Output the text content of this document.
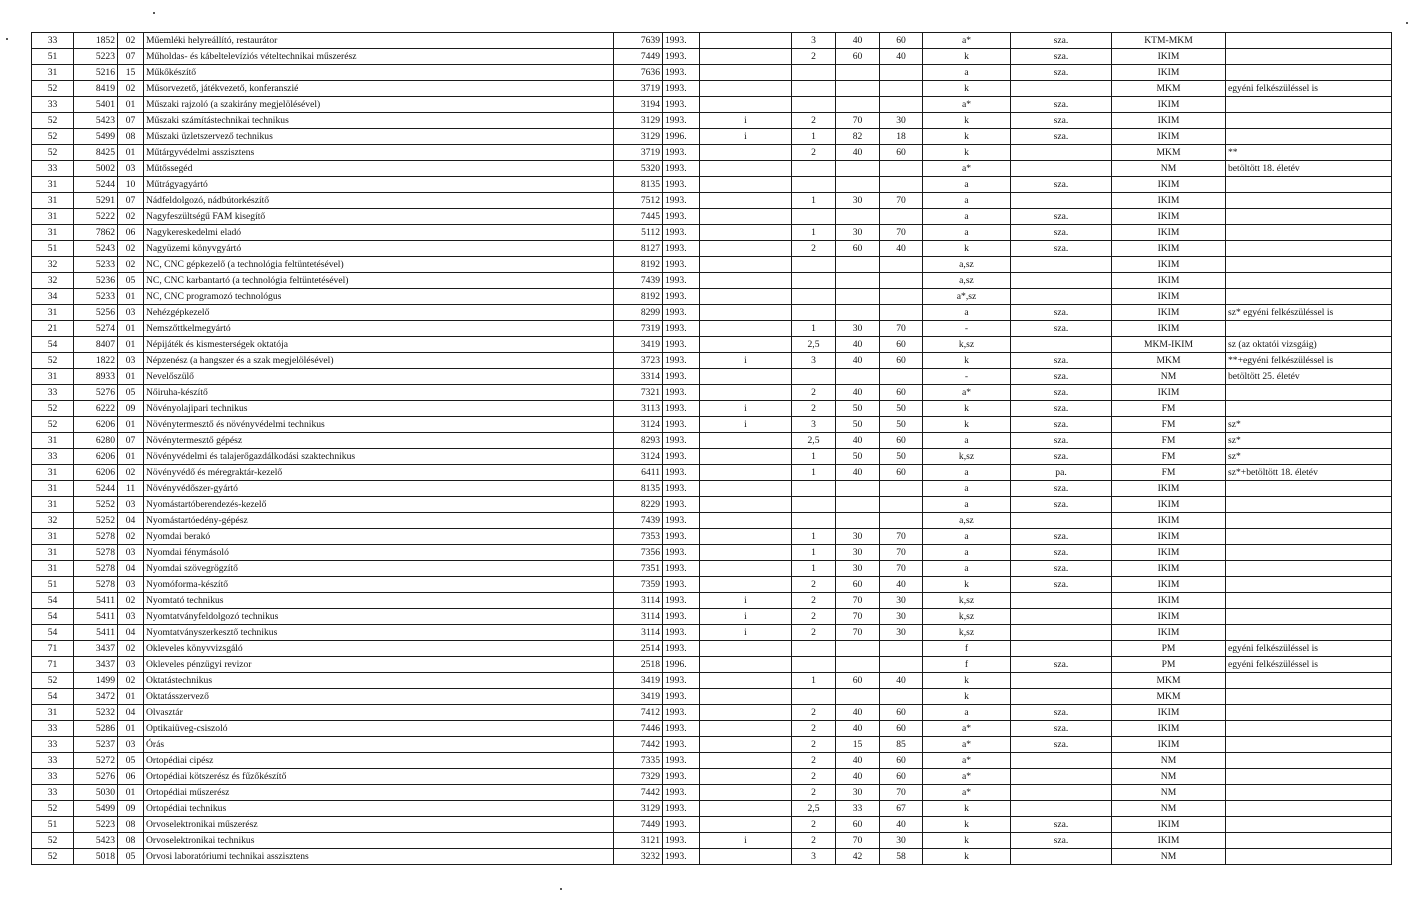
33	1852	02	Műemléki helyreállító, restaurátor	7639	1993.		3	40	60	a*	sza.	KTM-MKM	
51	5223	07	Műholdas- és kábeltelevíziós vételtechnikai műszerész	7449	1993.		2	60	40	k	sza.	IKIM	
31	5216	15	Műkőkészítő	7636	1993.					a	sza.	IKIM	
52	8419	02	Műsorvezető, játékvezető, konferanszié	3719	1993.					k		MKM	egyéni felkészüléssel is
33	5401	01	Műszaki rajzoló (a szakirány megjelölésével)	3194	1993.					a*	sza.	IKIM	
52	5423	07	Műszaki számítástechnikai technikus	3129	1993.	i	2	70	30	k	sza.	IKIM	
52	5499	08	Műszaki üzletszervező technikus	3129	1996.	i	1	82	18	k	sza.	IKIM	
52	8425	01	Műtárgyvédelmi asszisztens	3719	1993.		2	40	60	k		MKM	**
33	5002	03	Műtőssegéd	5320	1993.					a*		NM	betöltött 18. életév
31	5244	10	Műtrágyagyártó	8135	1993.					a	sza.	IKIM	
31	5291	07	Nádfeldolgozó, nádbútorkészítő	7512	1993.		1	30	70	a		IKIM	
31	5222	02	Nagyfeszültségű FAM kisegítő	7445	1993.					a	sza.	IKIM	
31	7862	06	Nagykereskedelmi eladó	5112	1993.		1	30	70	a	sza.	IKIM	
51	5243	02	Nagyüzemi könyvgyártó	8127	1993.		2	60	40	k	sza.	IKIM	
32	5233	02	NC, CNC gépkezelő (a technológia feltüntetésével)	8192	1993.					a,sz		IKIM	
32	5236	05	NC, CNC karbantartó (a technológia feltüntetésével)	7439	1993.					a,sz		IKIM	
34	5233	01	NC, CNC programozó technológus	8192	1993.					a*,sz		IKIM	
31	5256	03	Nehézgépkezelő	8299	1993.					a	sza.	IKIM	sz* egyéni felkészüléssel is
21	5274	01	Nemszőttkelmegyártó	7319	1993.		1	30	70	-	sza.	IKIM	
54	8407	01	Népijáték és kismesterségek oktatója	3419	1993.		2,5	40	60	k,sz		MKM-IKIM	sz (az oktatói vizsgáig)
52	1822	03	Népzenész (a hangszer és a szak megjelölésével)	3723	1993.	i	3	40	60	k	sza.	MKM	**+egyéni felkészüléssel is
31	8933	01	Nevelőszülő	3314	1993.					-	sza.	NM	betöltött 25. életév
33	5276	05	Nőiruha-készítő	7321	1993.		2	40	60	a*	sza.	IKIM	
52	6222	09	Növényolajipari technikus	3113	1993.	i	2	50	50	k	sza.	FM	
52	6206	01	Növénytermesztő és növényvédelmi technikus	3124	1993.	i	3	50	50	k	sza.	FM	sz*
31	6280	07	Növénytermesztő gépész	8293	1993.		2,5	40	60	a	sza.	FM	sz*
33	6206	01	Növényvédelmi és talajerőgazdálkodási szaktechnikus	3124	1993.		1	50	50	k,sz	sza.	FM	sz*
31	6206	02	Növényvédő és méregraktár-kezelő	6411	1993.		1	40	60	a	pa.	FM	sz*+betöltött 18. életév
31	5244	11	Növényvédőszer-gyártó	8135	1993.					a	sza.	IKIM	
31	5252	03	Nyomástartóberendezés-kezelő	8229	1993.					a	sza.	IKIM	
32	5252	04	Nyomástartóedény-gépész	7439	1993.					a,sz		IKIM	
31	5278	02	Nyomdai berakó	7353	1993.		1	30	70	a	sza.	IKIM	
31	5278	03	Nyomdai fénymásoló	7356	1993.		1	30	70	a	sza.	IKIM	
31	5278	04	Nyomdai szövegrögzítő	7351	1993.		1	30	70	a	sza.	IKIM	
51	5278	03	Nyomóforma-készítő	7359	1993.		2	60	40	k	sza.	IKIM	
54	5411	02	Nyomtató technikus	3114	1993.	i	2	70	30	k,sz		IKIM	
54	5411	03	Nyomtatványfeldolgozó technikus	3114	1993.	i	2	70	30	k,sz		IKIM	
54	5411	04	Nyomtatványszerkesztő technikus	3114	1993.	i	2	70	30	k,sz		IKIM	
71	3437	02	Okleveles könyvvizsgáló	2514	1993.					f		PM	egyéni felkészüléssel is
71	3437	03	Okleveles pénzügyi revizor	2518	1996.					f	sza.	PM	egyéni felkészüléssel is
52	1499	02	Oktatástechnikus	3419	1993.		1	60	40	k		MKM	
54	3472	01	Oktatásszervező	3419	1993.					k		MKM	
31	5232	04	Olvasztár	7412	1993.		2	40	60	a	sza.	IKIM	
33	5286	01	Optikaiüveg-csiszoló	7446	1993.		2	40	60	a*	sza.	IKIM	
33	5237	03	Órás	7442	1993.		2	15	85	a*	sza.	IKIM	
33	5272	05	Ortopédiai cipész	7335	1993.		2	40	60	a*		NM	
33	5276	06	Ortopédiai kötszerész és fűzőkészítő	7329	1993.		2	40	60	a*		NM	
33	5030	01	Ortopédiai műszerész	7442	1993.		2	30	70	a*		NM	
52	5499	09	Ortopédiai technikus	3129	1993.		2,5	33	67	k		NM	
51	5223	08	Orvoselektronikai műszerész	7449	1993.		2	60	40	k	sza.	IKIM	
52	5423	08	Orvoselektronikai technikus	3121	1993.	i	2	70	30	k	sza.	IKIM	
52	5018	05	Orvosi laboratóriumi technikai asszisztens	3232	1993.		3	42	58	k		NM	
